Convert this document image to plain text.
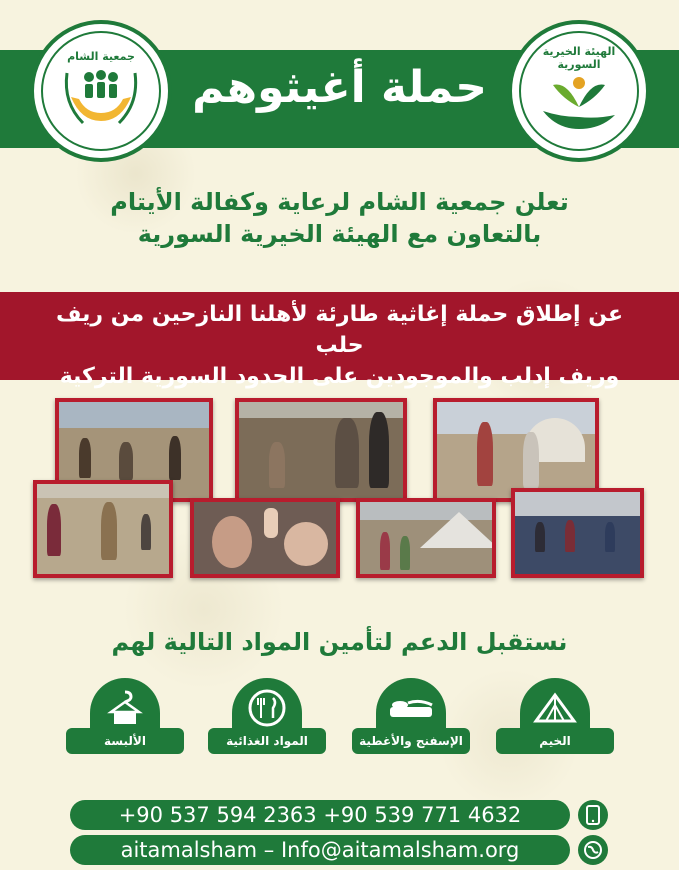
حملة أغيثوهم
جمعية الشام	الهيئة الخيرية السورية
تعلن جمعية الشام لرعاية وكفالة الأيتام
بالتعاون مع الهيئة الخيرية السورية
عن إطلاق حملة إغاثية طارئة لأهلنا النازحين من ريف حلب
وريف إدلب والموجودين على الحدود السورية التركية
نستقبل الدعم لتأمين المواد التالية لهم
الخيم
الإسفنج والأغطية
المواد الغذائية
الألبسة
+90 537 594 2363 +90 539 771 4632
aitamalsham – Info@aitamalsham.org
